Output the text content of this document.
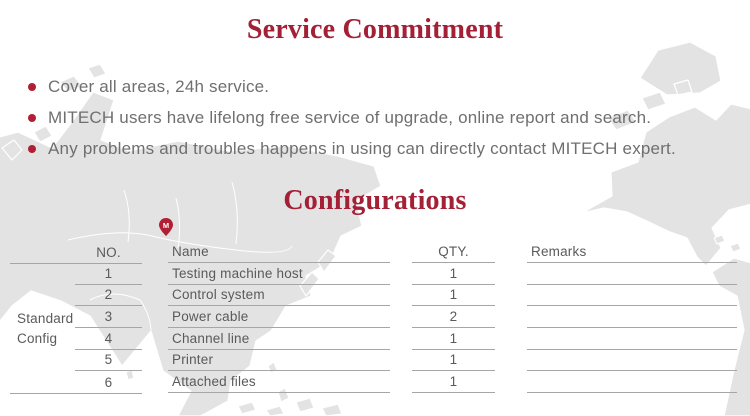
M
Service Commitment
Cover all areas, 24h service.
MITECH users have lifelong free service of upgrade, online report and search.
Any problems and troubles happens in using can directly contact MITECH expert.
Configurations
Standard Config
NO.
1
2
3
4
5
6
Name
Testing machine host
Control system
Power cable
Channel line
Printer
Attached files
QTY.
1
1
2
1
1
1
Remarks
